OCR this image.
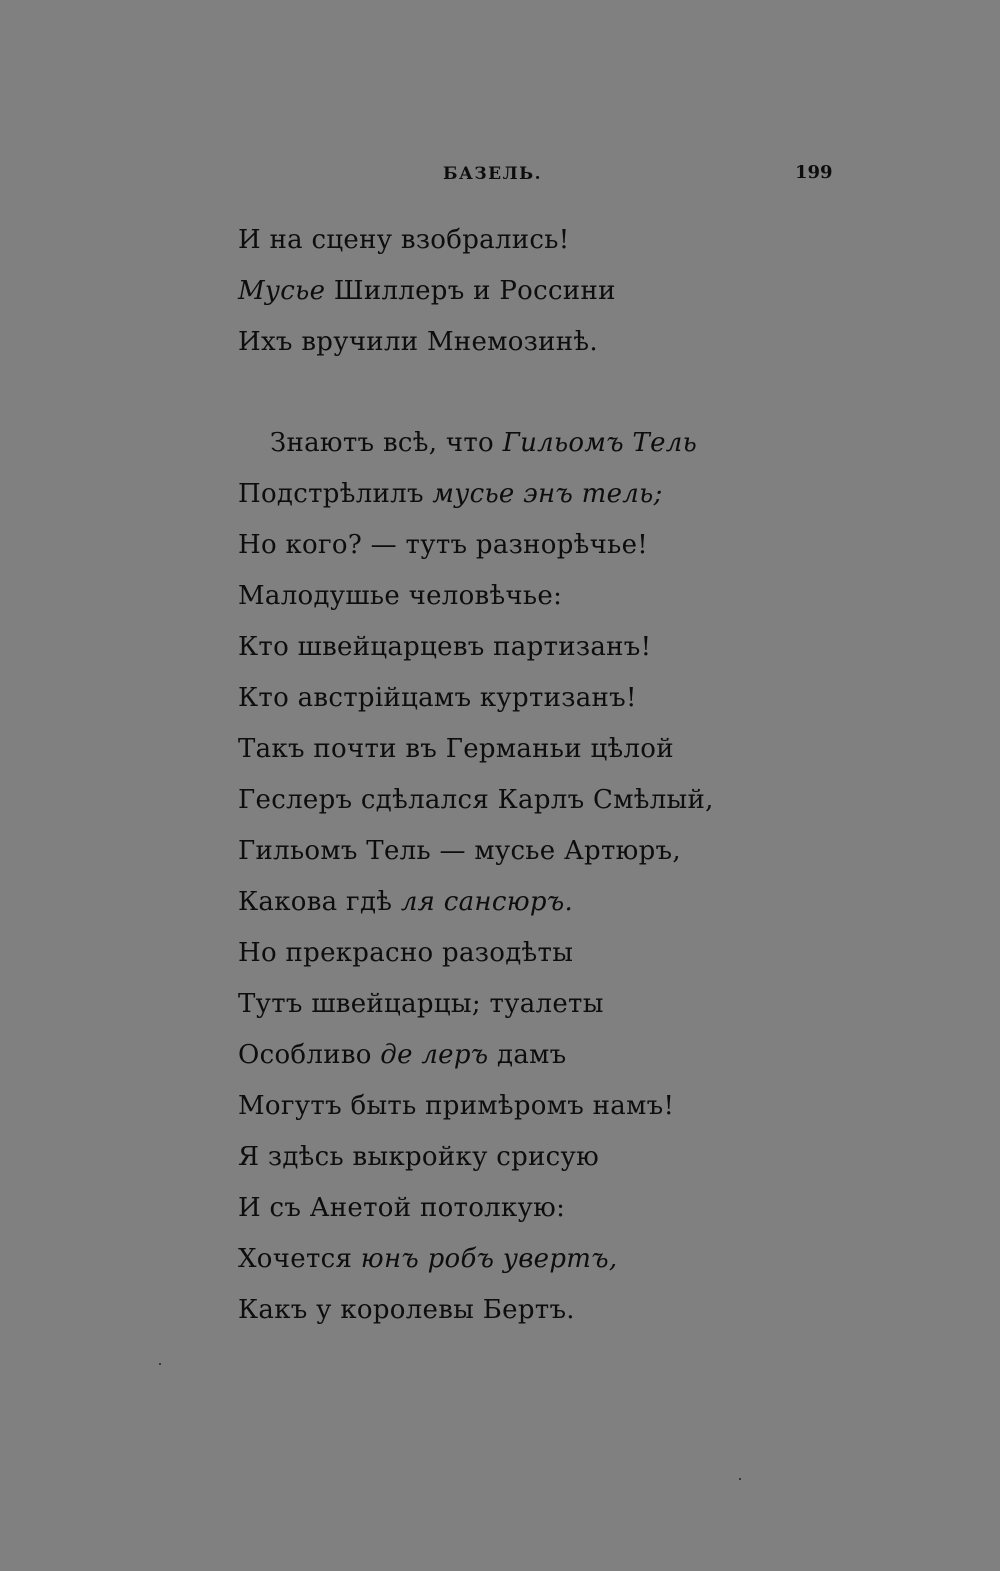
БАЗЕЛЬ.	199
И на сцену взобрались!
Мусье Шиллеръ и Россини
Ихъ вручили Мнемозинѣ.
Знаютъ всѣ, что Гильомъ Тель
Подстрѣлилъ мусье энъ тель;
Но кого? — тутъ разнорѣчье!
Малодушье человѣчье:
Кто швейцарцевъ партизанъ!
Кто австрійцамъ куртизанъ!
Такъ почти въ Германьи цѣлой
Геслеръ сдѣлался Карлъ Смѣлый,
Гильомъ Тель — мусье Артюръ,
Какова гдѣ ля сансюръ.
Но прекрасно разодѣты
Тутъ швейцарцы; туалеты
Особливо де леръ дамъ
Могутъ быть примѣромъ намъ!
Я здѣсь выкройку срисую
И съ Анетой потолкую:
Хочется юнъ робъ увертъ,
Какъ у королевы Бертъ.
